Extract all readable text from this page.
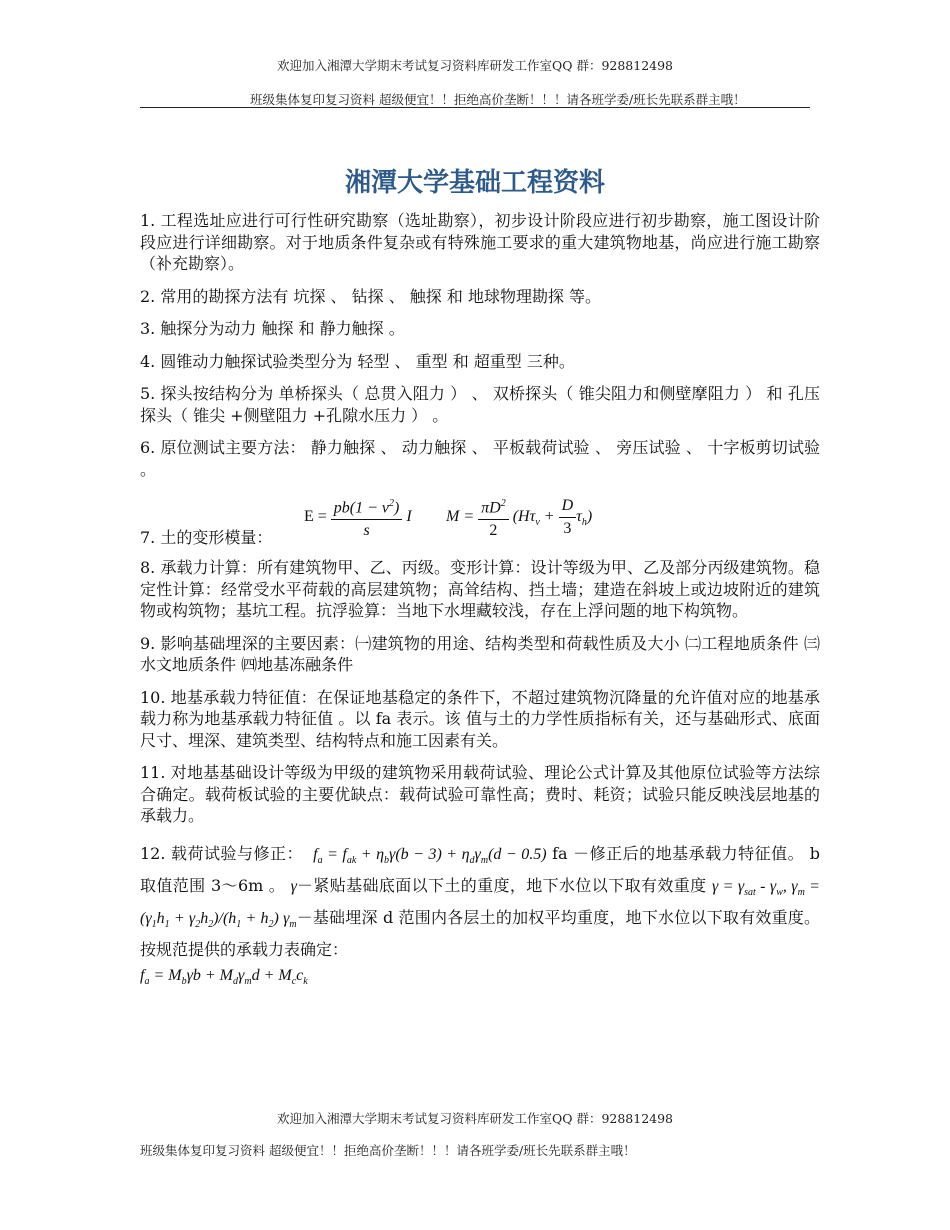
欢迎加入湘潭大学期末考试复习资料库研发工作室QQ 群：928812498
班级集体复印复习资料 超级便宜！！拒绝高价垄断！！！请各班学委/班长先联系群主哦！
湘潭大学基础工程资料

1. 工程选址应进行可行性研究勘察（选址勘察），初步设计阶段应进行初步勘察，施工图设计阶段应进行详细勘察。对于地质条件复杂或有特殊施工要求的重大建筑物地基，尚应进行施工勘察（补充勘察）。

2. 常用的勘探方法有 坑探 、 钻探 、 触探 和 地球物理勘探 等。

3. 触探分为动力 触探 和 静力触探 。

4. 圆锥动力触探试验类型分为 轻型 、 重型 和 超重型 三种。

5. 探头按结构分为 单桥探头（ 总贯入阻力 ） 、 双桥探头（ 锥尖阻力和侧壁摩阻力 ） 和 孔压探头（ 锥尖 +侧壁阻力 +孔隙水压力 ） 。

6. 原位测试主要方法： 静力触探 、 动力触探 、 平板载荷试验 、 旁压试验 、 十字板剪切试验 。

7. 土的变形模量：
$E = \frac{pb(1 - \nu^2)}{s}$ I $M = \frac{\pi D^2}{2} (H\tau_v + \frac{D}{3} \tau_h)$

8. 承载力计算：所有建筑物甲、乙、丙级。变形计算：设计等级为甲、乙及部分丙级建筑物。稳定性计算：经常受水平荷载的高层建筑物；高耸结构、挡土墙；建造在斜坡上或边坡附近的建筑物或构筑物；基坑工程。抗浮验算：当地下水埋藏较浅，存在上浮问题的地下构筑物。

9. 影响基础埋深的主要因素：㈠建筑物的用途、结构类型和荷载性质及大小 ㈡工程地质条件 ㈢水文地质条件 ㈣地基冻融条件

10. 地基承载力特征值：在保证地基稳定的条件下，不超过建筑物沉降量的允许值对应的地基承载力称为地基承载力特征值 。以 fa 表示。该 值与土的力学性质指标有关，还与基础形式、底面尺寸、埋深、建筑类型、结构特点和施工因素有关。

11. 对地基基础设计等级为甲级的建筑物采用载荷试验、理论公式计算及其他原位试验等方法综合确定。载荷板试验的主要优缺点：载荷试验可靠性高；费时、耗资；试验只能反映浅层地基的承载力。

12. 载荷试验与修正：  $f_a = f_{ak} + \eta_b\gamma(b - 3) + \eta_d\gamma_m(d - 0.5)$ fa －修正后的地基承载力特征值。 b 取值范围 3～6m 。 γ－紧贴基础底面以下土的重度，地下水位以下取有效重度 $\gamma = \gamma_{sat} - \gamma_w$, $\gamma_m = (\gamma_1h_1 + \gamma_2h_2)/(h_1 + h_2)$ $\gamma_m-$基础埋深 d 范围内各层土的加权平均重度，地下水位以下取有效重度。按规范提供的承载力表确定：
$f_a = M_b\gamma b + M_d\gamma_md + M_cc_k$

欢迎加入湘潭大学期末考试复习资料库研发工作室QQ 群：928812498
班级集体复印复习资料 超级便宜！！拒绝高价垄断！！！请各班学委/班长先联系群主哦！
